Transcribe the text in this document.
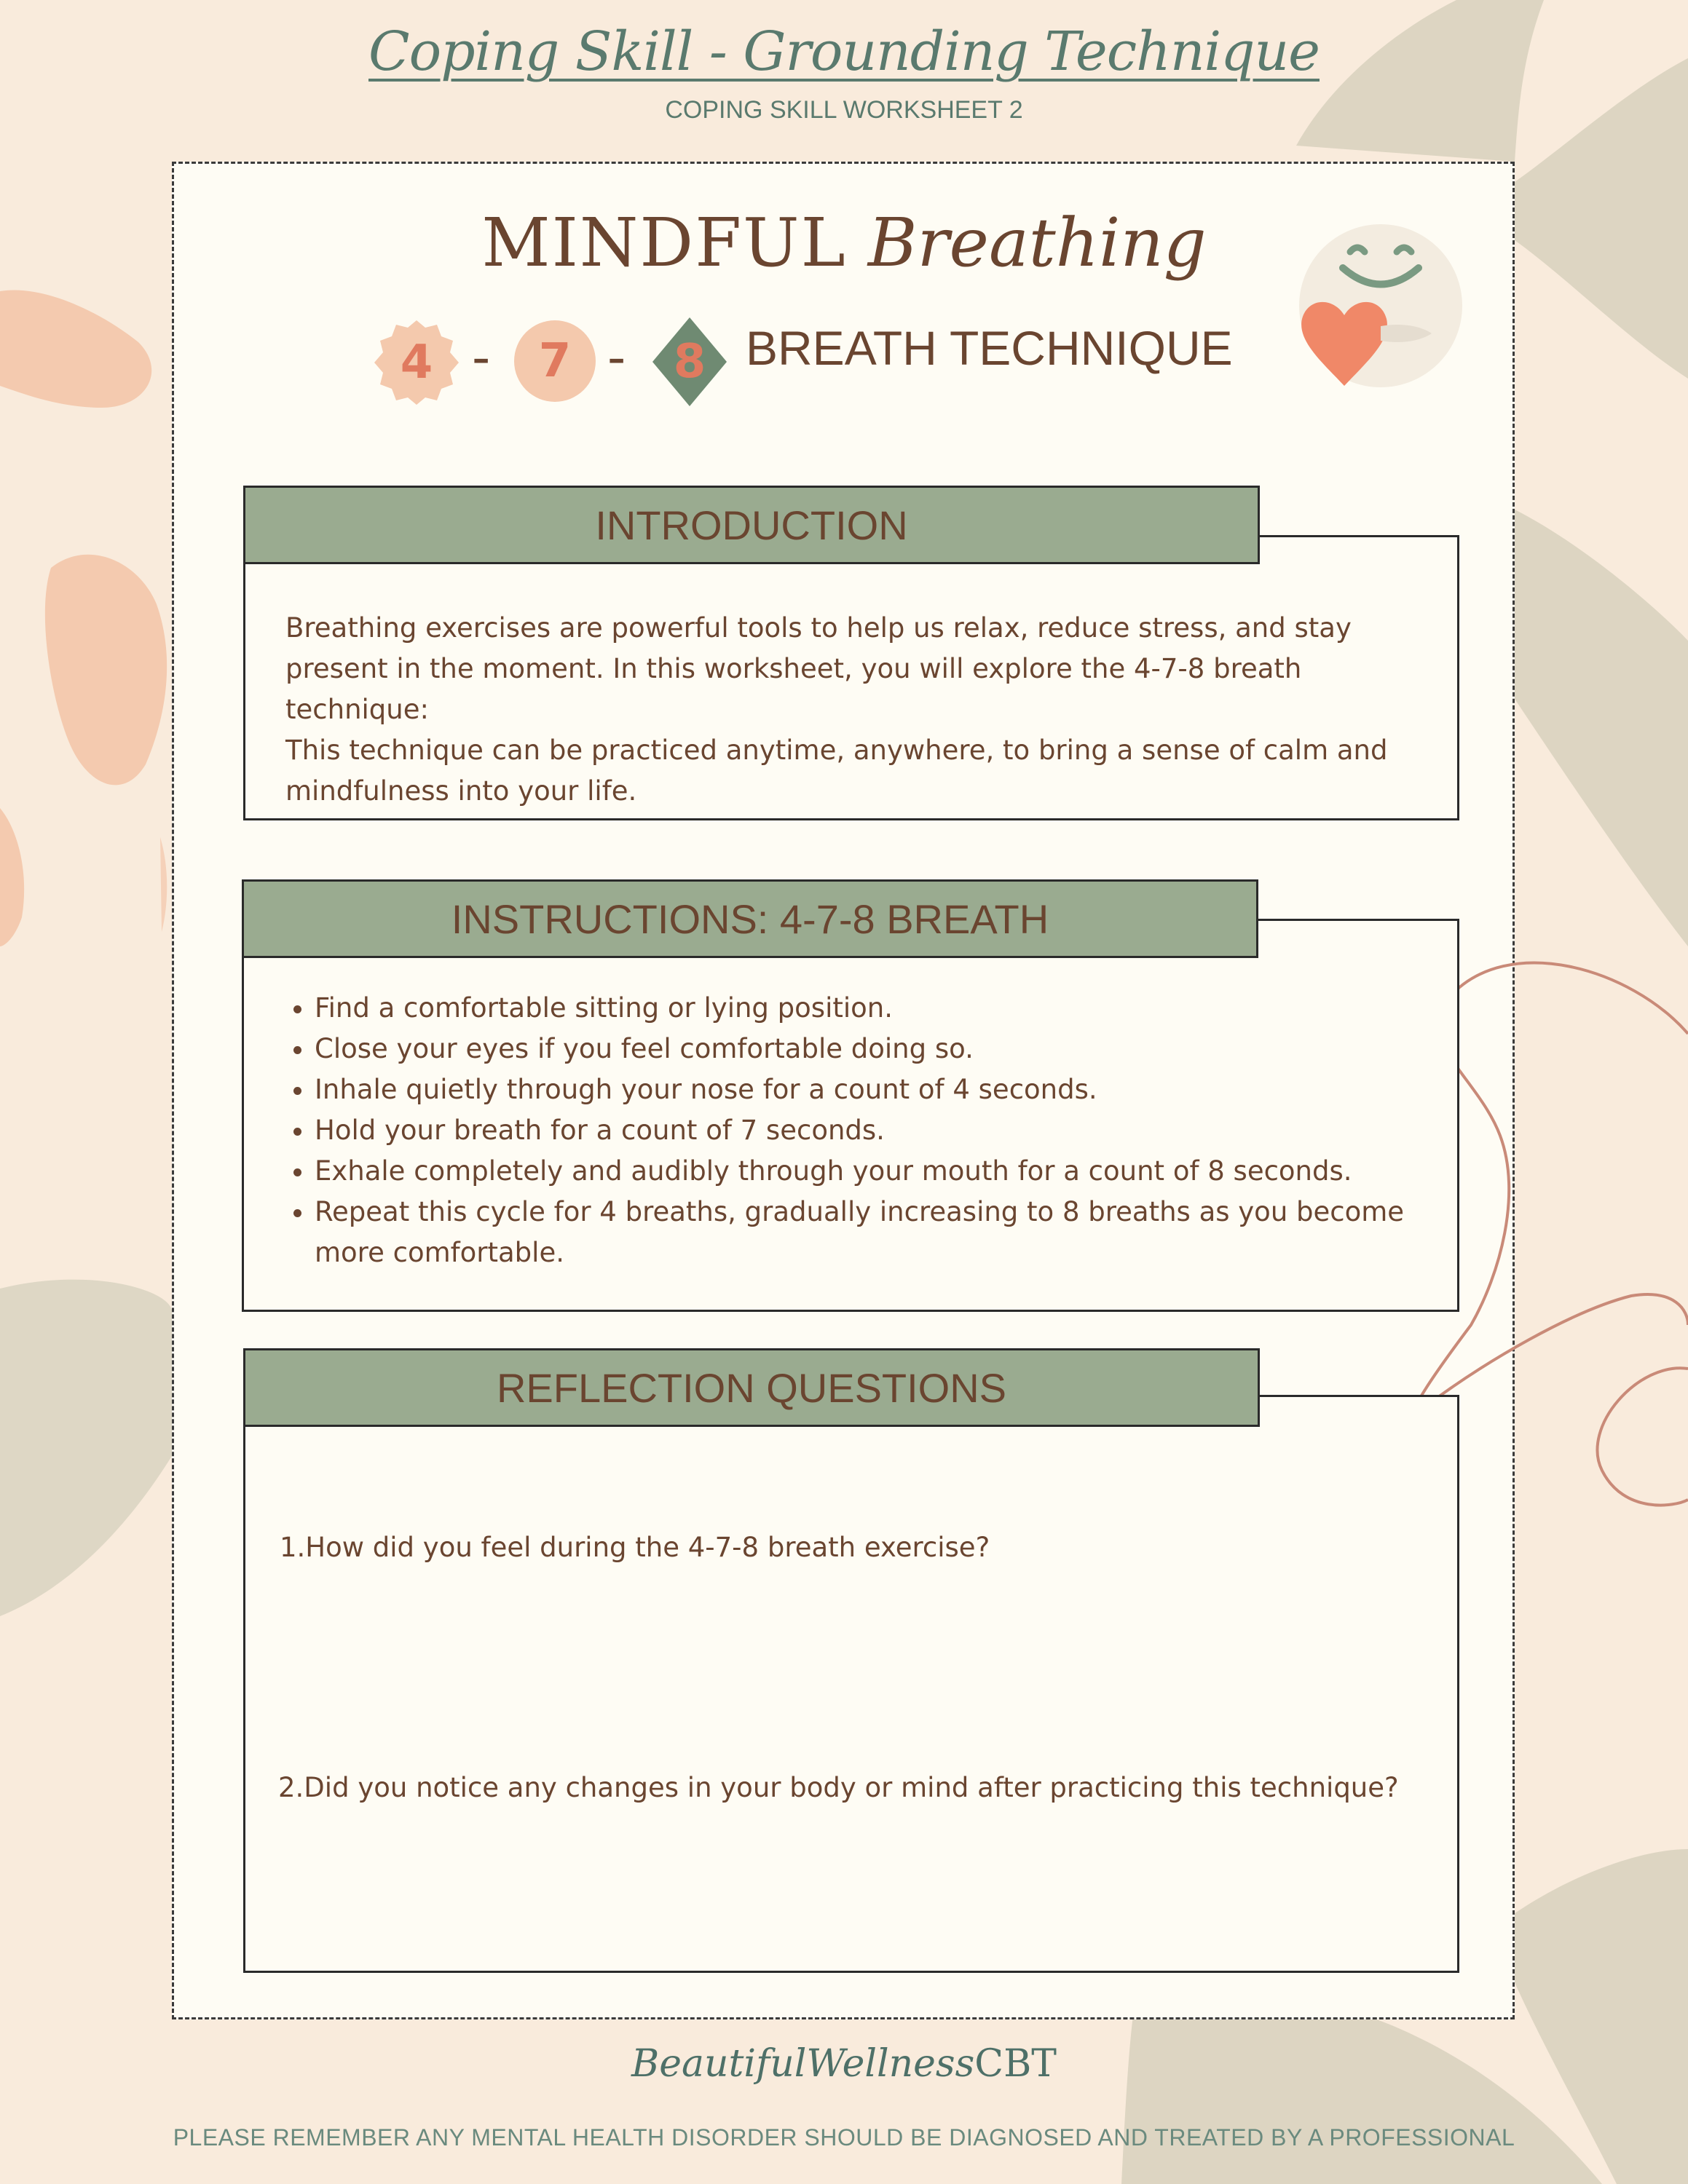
Coping Skill - Grounding Technique
COPING SKILL WORKSHEET 2
MINDFUL Breathing
4 -	7 -	8 BREATH TECHNIQUE
INTRODUCTION

Breathing exercises are powerful tools to help us relax, reduce stress, and stay present in the moment. In this worksheet, you will explore the 4-7-8 breath technique:

This technique can be practiced anytime, anywhere, to bring a sense of calm and mindfulness into your life.

INSTRUCTIONS: 4-7-8 BREATH
• Find a comfortable sitting or lying position.
• Close your eyes if you feel comfortable doing so.
• Inhale quietly through your nose for a count of 4 seconds.
• Hold your breath for a count of 7 seconds.
• Exhale completely and audibly through your mouth for a count of 8 seconds.
• Repeat this cycle for 4 breaths, gradually increasing to 8 breaths as you become more comfortable.
REFLECTION QUESTIONS
1.How did you feel during the 4-7-8 breath exercise?
2.Did you notice any changes in your body or mind after practicing this technique?
BeautifulWellnessCBT
PLEASE REMEMBER ANY MENTAL HEALTH DISORDER SHOULD BE DIAGNOSED AND TREATED BY A PROFESSIONAL
